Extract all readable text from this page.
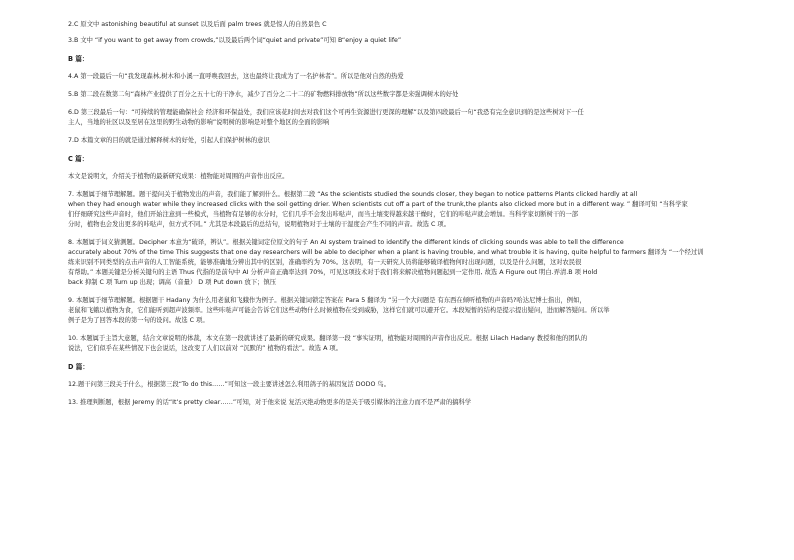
2.C 原文中 astonishing beautiful at sunset 以及后面 palm trees 就是惊人的自然景色 C

3.B 文中 “if you want to get away from crowds,”以及最后两个词“quiet and private”可知 B“enjoy a quiet life”

B 篇：

4.A 第一段最后一句“我发现森林,树木和小溪一直呼唤我回去，这也最终让我成为了一名护林者”。所以是他对自然的热爱

5.B 第二段在数第二句“森林产业提供了百分之五十七的干净水，减少了百分之二十二的矿物燃料排放物”所以这些数字都是来强调树木的好处

6.D 第三段最后一句：“可持续的管理能确保社会 经济和环保益处，我们应该花时间去对我们这个可再生资源进行更深的理解”以及第四段最后一句“我恐有完全意识到的是这些树对下一任

主人，当地的社区以及至居在这里的野生动物的影响”说明树的影响是对整个地区的全面的影响

7.D 本篇文章的目的就是通过解释树木的好处，引起人们保护树林的意识

C 篇：

本文是说明文，介绍关于植物的最新研究成果：植物能对周围的声音作出反应。

7. 本题属于细节理解题。题干提问关于植物发出的声音，我们能了解到什么。根据第二段 “As the scientists studied the sounds closer, they began to notice patterns Plants clicked hardly at all

when they had enough water while they increased clicks with the soil getting drier. When scientists cut off a part of the trunk,the plants also clicked more but in a different way. ” 翻译可知 “当科学家

们仔细研究这些声音时，他们开始注意到一些模式，当植物有足够的水分时，它们几乎不会发出咔哒声，而当土壤变得越来越干燥时，它们的咔哒声就会增加。当科学家切断树干的一部

分时，植物也会发出更多的咔哒声，但方式不同。” 尤其是本段最后的总结句，说明植物对于土壤的干湿度会产生不同的声音。故选 C 项。

8. 本题属于词义猜测题。Decipher 本意为“破译，辨认”。根据关键词定位原文的句子 An AI system trained to identify the different kinds of clicking sounds was able to tell the difference

accurately about 70% of the time This suggests that one day researchers will be able to decipher when a plant is having trouble, and what trouble it is having, quite helpful to farmers 翻译为 “一个经过训

练来识别不同类型的点击声音的人工智能系统，能够准确地分辨出其中的区别，准确率约为 70%。这表明，有一天研究人员将能够破译植物何时出现问题，以及是什么问题，这对农民很

有帮助。” 本题关键是分析关键句的主语 Thus 代指的是前句中 AI 分析声音正确率达到 70%，可见这项技术对于我们将来解决植物问题起到一定作用, 故选 A Figure out 明白.弄清.B 项 Hold

back 抑制 C 项 Turn up 出现；调高（音量） D 项 Put down 放下；镇压

9. 本题属于细节理解题。根据题干 Hadany 为什么用老鼠和飞蛾作为例子。根据关键词锁定答案在 Para 5 翻译为 “另一个大问题是 有东西在倾听植物的声音吗?哈达尼博士指出，例如，

老鼠和飞蛾以植物为食，它们能听到超声波频率。这些咔哒声可能会告诉它们这些动物什么时候植物在受到威胁，这样它们就可以避开它。本段短暂的结构是提示提出疑问，进而解答疑问。所以举

例子是为了回答本段的第一句的设问。故选 C 项。

10. 本题属于主旨大意题，结合文章说明的体裁，本文在第一段就讲述了最新的研究成果。翻译第一段 “事实证明，植物能对周围的声音作出反应。根据 Lilach Hadany 教授和他的团队的

说法，它们似乎在某些情况下也会说话，这改变了人们以前对 “沉默的” 植物的看法”。故选 A 项。

D 篇：

12.题干问第三段关于什么，根据第三段“To do this……”可知这一段主要讲述怎么利用鸽子的基因复活 DODO 鸟。

13. 推理判断题，根据 Jeremy 的话“It’s pretty clear……”可知，对于他来说 复活灭绝动物更多的是关于吸引媒体的注意力而不是严肃的搞科学
